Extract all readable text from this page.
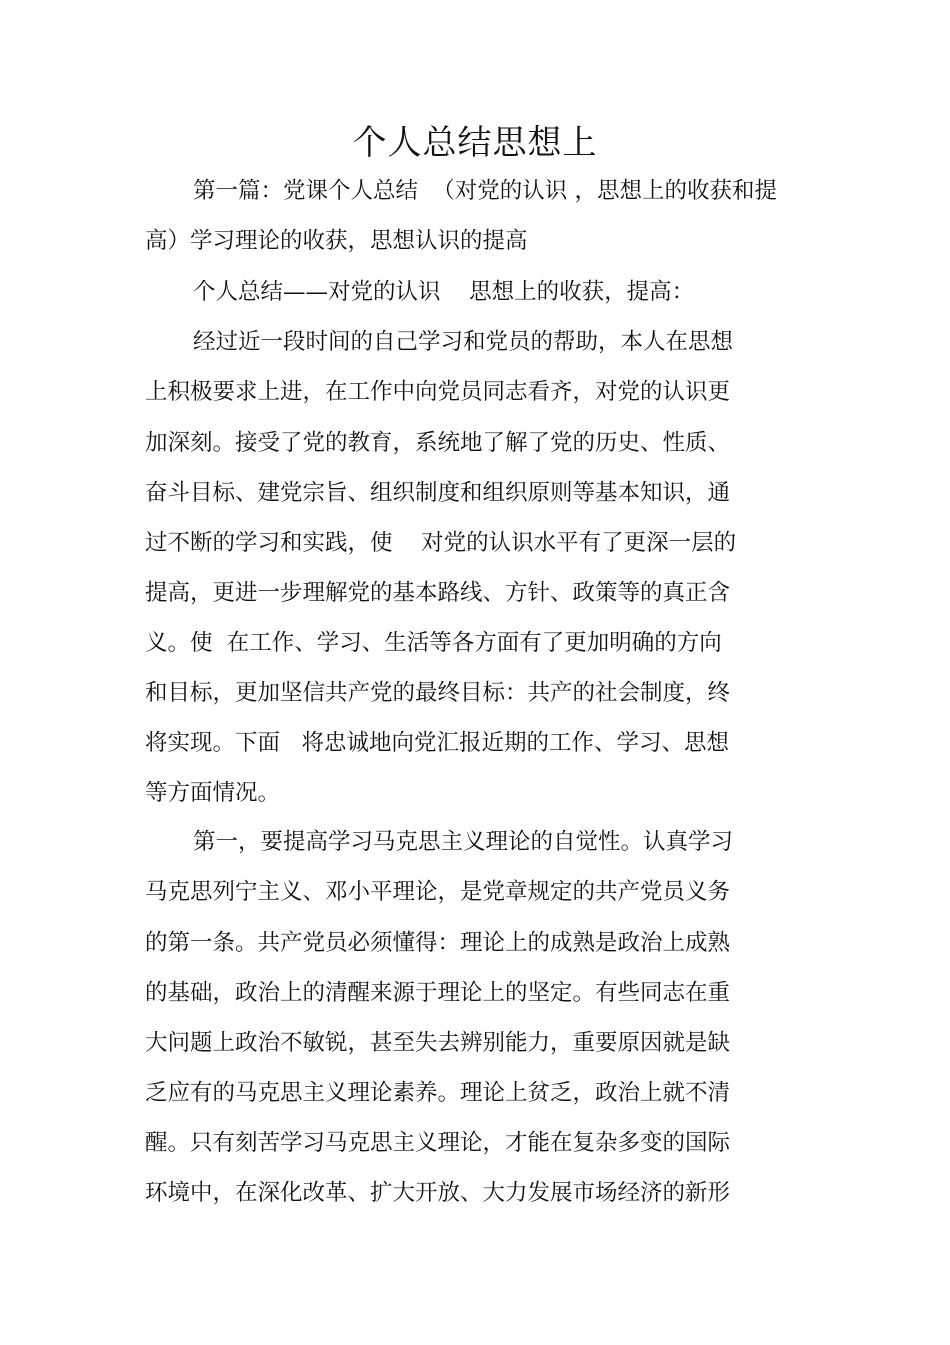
个人总结思想上

第一篇：党课个人总结  （对党的认识 ，思想上的收获和提

高）学习理论的收获，思想认识的提高

个人总结——对党的认识    思想上的收获，提高：

经过近一段时间的自己学习和党员的帮助，本人在思想

上积极要求上进，在工作中向党员同志看齐，对党的认识更

加深刻。接受了党的教育，系统地了解了党的历史、性质、

奋斗目标、建党宗旨、组织制度和组织原则等基本知识，通

过不断的学习和实践，使    对党的认识水平有了更深一层的

提高，更进一步理解党的基本路线、方针、政策等的真正含

义。使  在工作、学习、生活等各方面有了更加明确的方向

和目标，更加坚信共产党的最终目标：共产的社会制度，终

将实现。下面   将忠诚地向党汇报近期的工作、学习、思想

等方面情况。

第一，要提高学习马克思主义理论的自觉性。认真学习

马克思列宁主义、邓小平理论，是党章规定的共产党员义务

的第一条。共产党员必须懂得：理论上的成熟是政治上成熟

的基础，政治上的清醒来源于理论上的坚定。有些同志在重

大问题上政治不敏锐，甚至失去辨别能力，重要原因就是缺

乏应有的马克思主义理论素养。理论上贫乏，政治上就不清

醒。只有刻苦学习马克思主义理论，才能在复杂多变的国际

环境中，在深化改革、扩大开放、大力发展市场经济的新形
